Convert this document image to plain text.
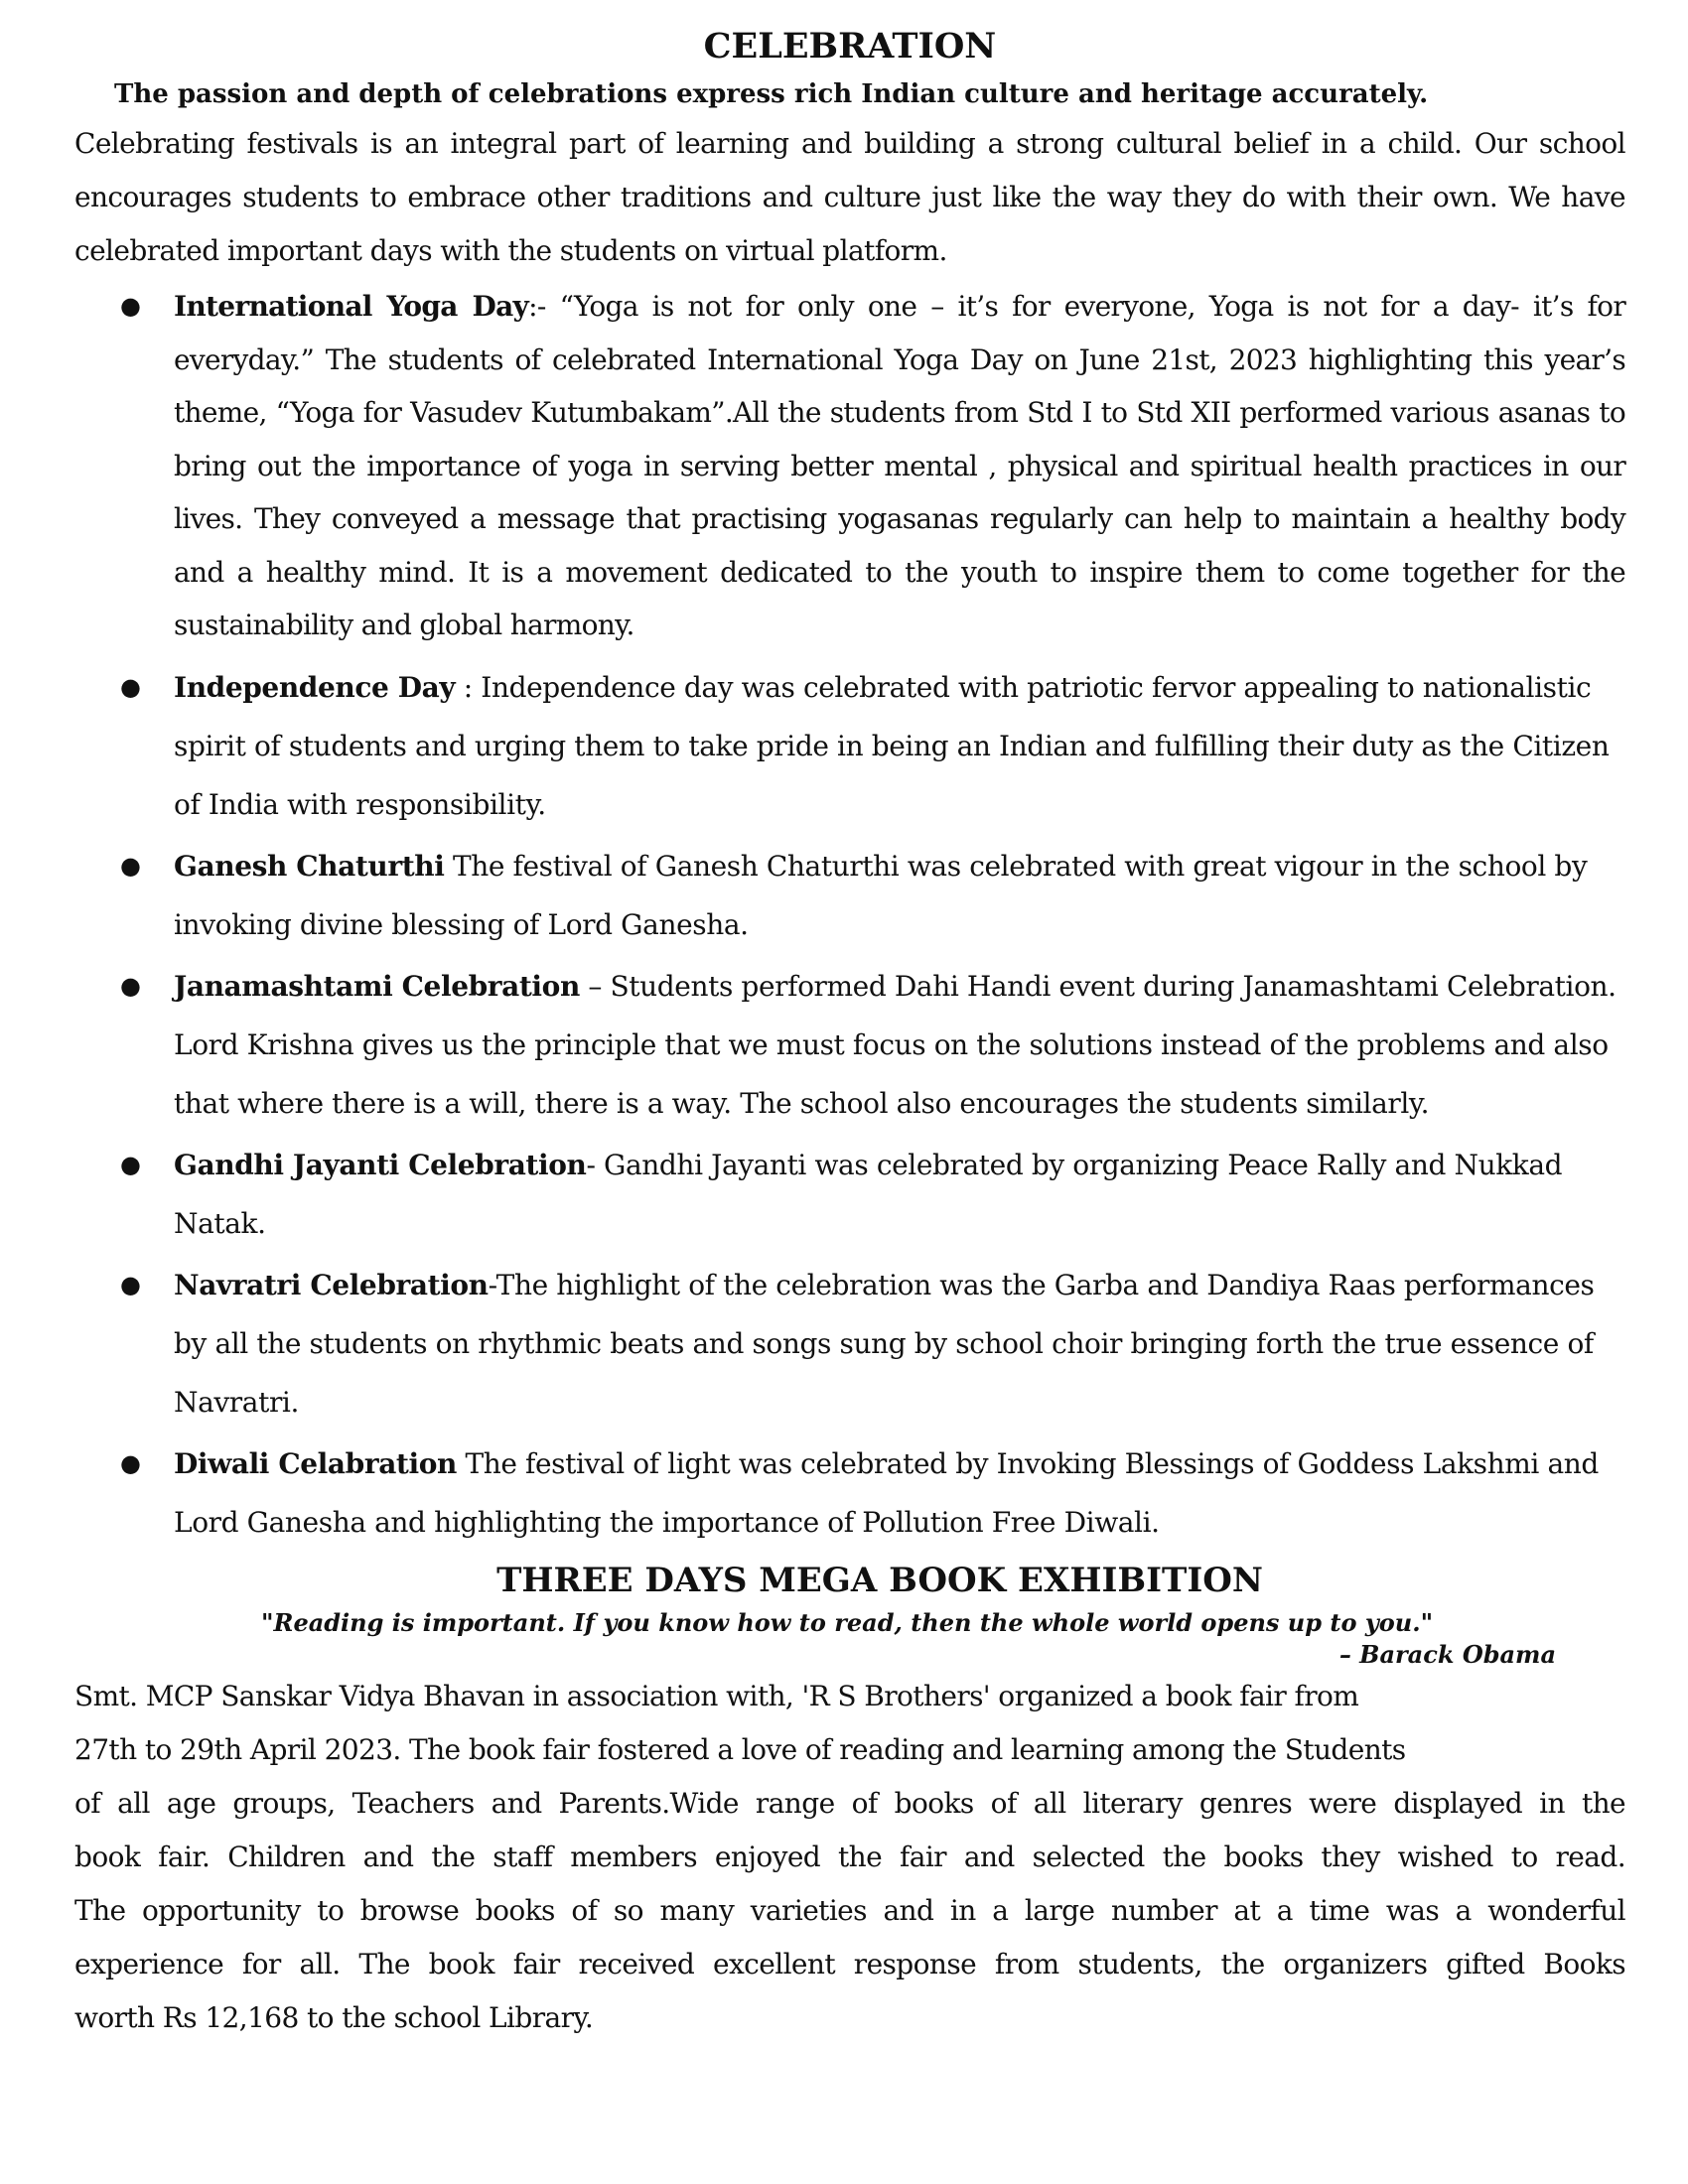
CELEBRATION

The passion and depth of celebrations express rich Indian culture and heritage accurately.

Celebrating festivals is an integral part of learning and building a strong cultural belief in a child. Our school encourages students to embrace other traditions and culture just like the way they do with their own. We have celebrated important days with the students on virtual platform.

● International Yoga Day:- “Yoga is not for only one – it’s for everyone, Yoga is not for a day- it’s for everyday.” The students of celebrated International Yoga Day on June 21st, 2023 highlighting this year’s theme, “Yoga for Vasudev Kutumbakam”.All the students from Std I to Std XII performed various asanas to bring out the importance of yoga in serving better mental , physical and spiritual health practices in our lives. They conveyed a message that practising yogasanas regularly can help to maintain a healthy body and a healthy mind. It is a movement dedicated to the youth to inspire them to come together for the sustainability and global harmony.
● Independence Day : Independence day was celebrated with patriotic fervor appealing to nationalistic spirit of students and urging them to take pride in being an Indian and fulfilling their duty as the Citizen of India with responsibility.
● Ganesh Chaturthi The festival of Ganesh Chaturthi was celebrated with great vigour in the school by invoking divine blessing of Lord Ganesha.
● Janamashtami Celebration – Students performed Dahi Handi event during Janamashtami Celebration. Lord Krishna gives us the principle that we must focus on the solutions instead of the problems and also that where there is a will, there is a way. The school also encourages the students similarly.
● Gandhi Jayanti Celebration- Gandhi Jayanti was celebrated by organizing Peace Rally and Nukkad Natak.
● Navratri Celebration-The highlight of the celebration was the Garba and Dandiya Raas performances by all the students on rhythmic beats and songs sung by school choir bringing forth the true essence of Navratri.
● Diwali Celabration The festival of light was celebrated by Invoking Blessings of Goddess Lakshmi and Lord Ganesha and highlighting the importance of Pollution Free Diwali.
THREE DAYS MEGA BOOK EXHIBITION

"Reading is important. If you know how to read, then the whole world opens up to you."

– Barack Obama

Smt. MCP Sanskar Vidya Bhavan in association with, 'R S Brothers' organized a book fair from
27th to 29th April 2023. The book fair fostered a love of reading and learning among the Students
of all age groups, Teachers and Parents.Wide range of books of all literary genres were displayed in the
book fair. Children and the staff members enjoyed the fair and selected the books they wished to read.
The opportunity to browse books of so many varieties and in a large number at a time was a wonderful
experience for all. The book fair received excellent response from students, the organizers gifted Books
worth Rs 12,168 to the school Library.
